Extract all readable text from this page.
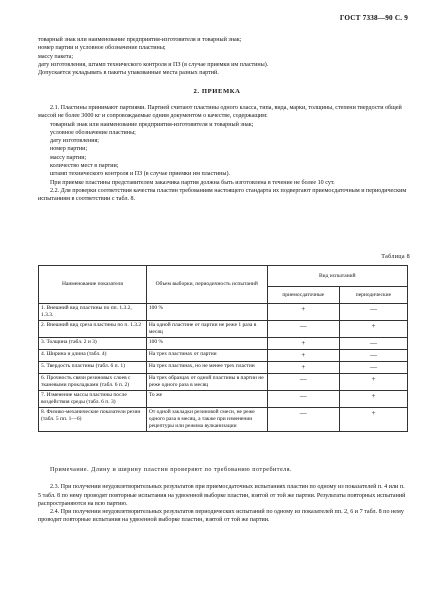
ГОСТ 7338—90 С. 9

товарный знак или наименование предприятия-изготовителя и товарный знак;

номер партии и условное обозначение пластины;

массу пакета;

дату изготовления, штамп технического контроля и ПЗ (в случае приемки им пластины).

Допускается укладывать в пакеты упакованные места разных партий.

2. ПРИЕМКА

2.1. Пластины принимают партиями. Партией считают пластины одного класса, типа, вида, марки, толщины, степени твердости общей массой не более 3000 кг и сопровождаемые одним документом о качестве, содержащим:

товарный знак или наименование предприятия-изготовителя и товарный знак;

условное обозначение пластины;

дату изготовления;

номер партии;

массу партии;

количество мест в партии;

штамп технического контроля и ПЗ (в случае приемки им пластины).

При приемке пластины представителем заказчика партия должна быть изготовлена в течение не более 10 сут.

2.2. Для проверки соответствия качества пластин требованиям настоящего стандарта их подвергают приемосдаточным и периодическим испытаниям в соответствии с табл. 8.

Таблица 8
Наименование показателя	Объем выборки, периодичность испытаний	Вид испытаний	
		приемосдаточные	периодические
1. Внешний вид пластины по пп. 1.3.2, 1.3.3.	100 %	+	—
2. Внешний вид среза пластины по п. 1.3.2	На одной пластине от партии не реже 1 раза в месяц	—	+
3. Толщина (табл. 2 и 3)	100 %	+	—
4. Ширина и длина (табл. 4)	На трех пластинах от партии	+	—
5. Твердость пластины (табл. 6 п. 1)	На трех пластинах, но не менее трех пластин	+	—
6. Прочность связи резиновых слоев с тканевыми прокладками (табл. 6 п. 2)	На трех образцах от одной пластины в партии не реже одного раза в месяц	—	+
7. Изменение массы пластины после воздействия среды (табл. 6 п. 3)	То же	—	+
8. Физико-механические показатели резин (табл. 5 пп. 1—6)	От одной закладки резиновой смеси, не реже одного раза в месяц, а также при изменении рецептуры или режима вулканизации	—	+

Примечание. Длину и ширину пластин проверяют по требованию потребителя.

2.3. При получении неудовлетворительных результатов при приемосдаточных испытаниях пластин по одному из показателей п. 4 или п. 5 табл. 8 по нему проводят повторные испытания на удвоенной выборке пластин, взятой от той же партии. Результаты повторных испытаний распространяются на всю партию.

2.4. При получении неудовлетворительных результатов периодических испытаний по одному из показателей пп. 2, 6 и 7 табл. 8 по нему проводят повторные испытания на удвоенной выборке пластин, взятой от той же партии.
